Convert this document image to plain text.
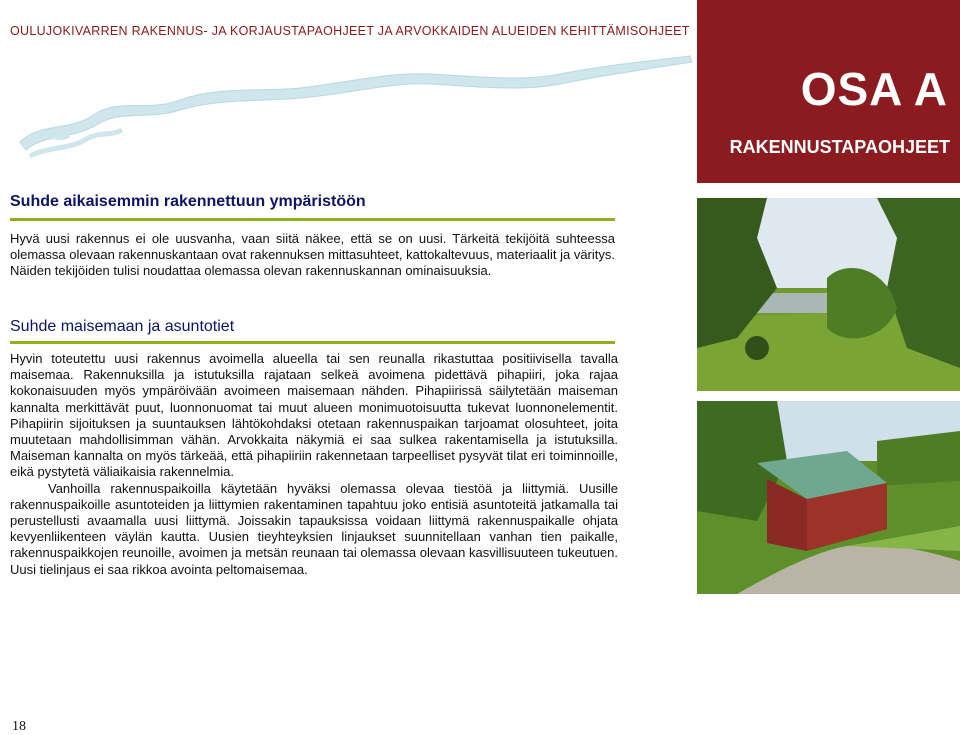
OULUJOKIVARREN RAKENNUS- JA KORJAUSTAPAOHJEET JA ARVOKKAIDEN ALUEIDEN KEHITTÄMISOHJEET
OSA A
RAKENNUSTAPAOHJEET
Suhde aikaisemmin rakennettuun ympäristöön
Hyvä uusi rakennus ei ole uusvanha, vaan siitä näkee, että se on uusi. Tärkeitä tekijöitä suhteessa olemassa olevaan rakennuskantaan ovat rakennuksen mittasuhteet, kattokaltevuus, materiaalit ja väritys. Näiden tekijöiden tulisi noudattaa olemassa olevan rakennuskannan ominaisuuksia.
Suhde maisemaan ja asuntotiet
Hyvin toteutettu uusi rakennus avoimella alueella tai sen reunalla rikastuttaa positiivisella tavalla maisemaa. Rakennuksilla ja istutuksilla rajataan selkeä avoimena pidettävä pihapiiri, joka rajaa kokonaisuuden myös ympäröivään avoimeen maisemaan nähden. Pihapiirissä säilytetään maiseman kannalta merkittävät puut, luonnonuomat tai muut alueen monimuotoisuutta tukevat luonnonelementit. Pihapiirin sijoituksen ja suuntauksen lähtökohdaksi otetaan rakennuspaikan tarjoamat olosuhteet, joita muutetaan mahdollisimman vähän. Arvokkaita näkymiä ei saa sulkea rakentamisella ja istutuksilla. Maiseman kannalta on myös tärkeää, että pihapiiriin rakennetaan tarpeelliset pysyvät tilat eri toiminnoille, eikä pystytetä väliaikaisia rakennelmia.
Vanhoilla rakennuspaikoilla käytetään hyväksi olemassa olevaa tiestöä ja liittymiä. Uusille rakennuspaikoille asuntoteiden ja liittymien rakentaminen tapahtuu joko entisiä asuntoteitä jatkamalla tai perustellusti avaamalla uusi liittymä. Joissakin tapauksissa voidaan liittymä rakennuspaikalle ohjata kevyenliikenteen väylän kautta. Uusien tieyhteyksien linjaukset suunnitellaan vanhan tien paikalle, rakennuspaikkojen reunoille, avoimen ja metsän reunaan tai olemassa olevaan kasvillisuuteen tukeutuen. Uusi tielinjaus ei saa rikkoa avointa peltomaisemaa.
18
